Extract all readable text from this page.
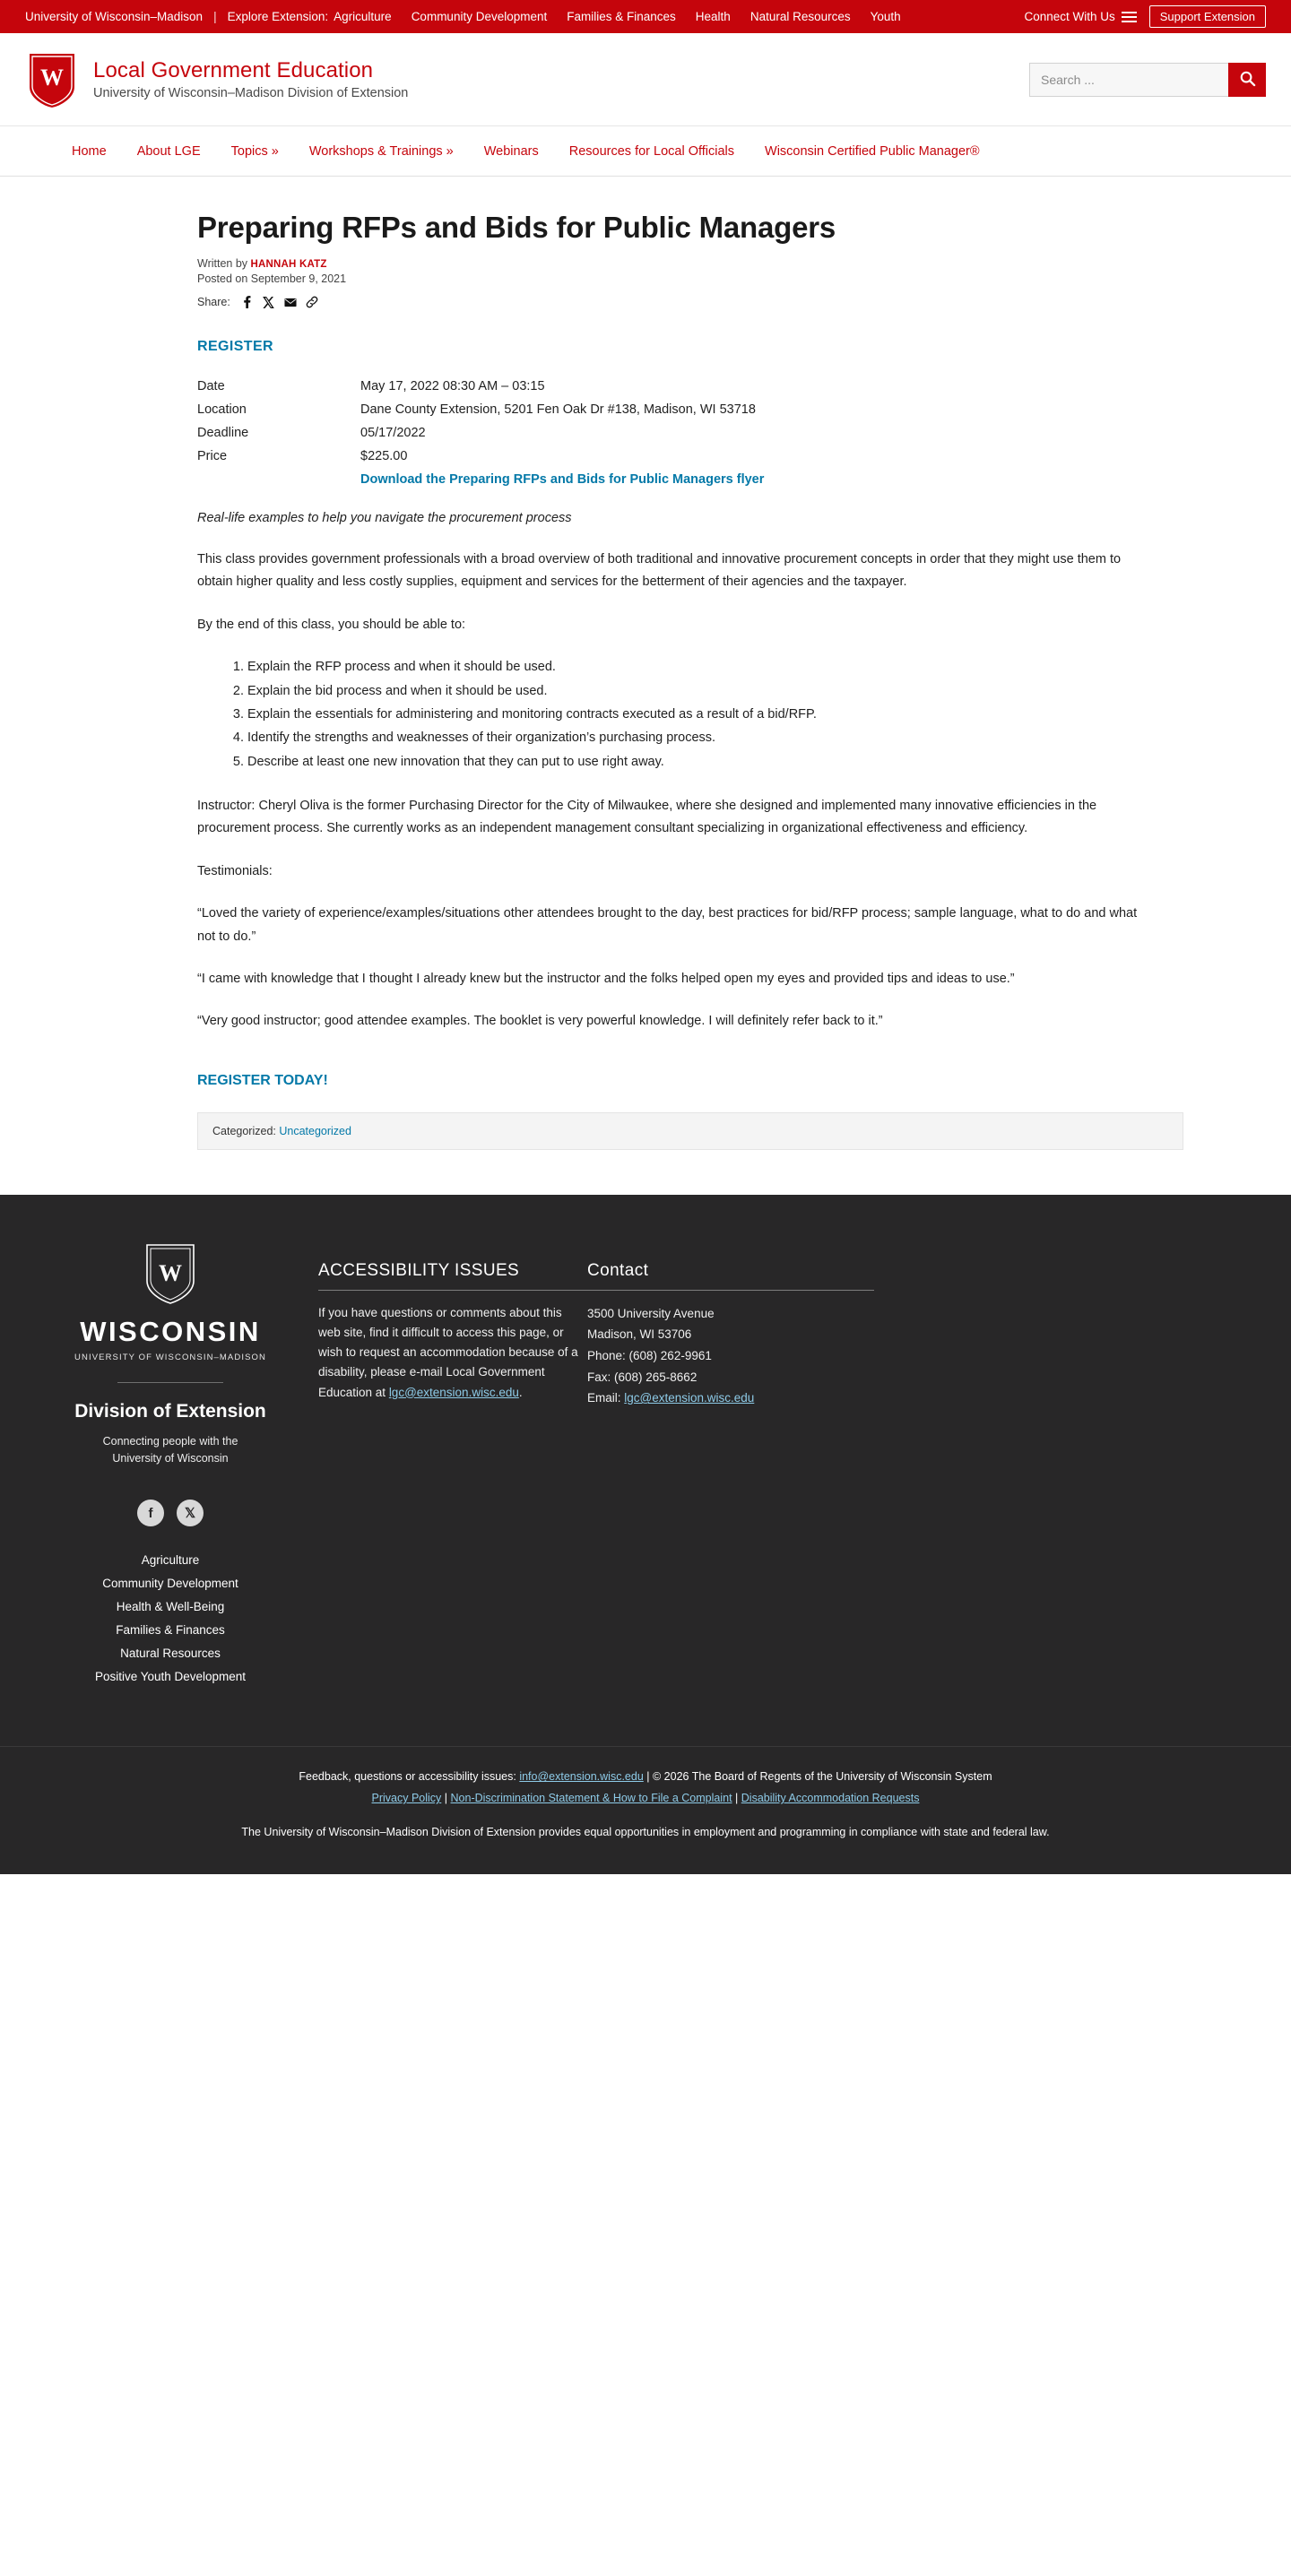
University of Wisconsin–Madison | Explore Extension: Agriculture Community Development Families & Finances Health Natural Resources Youth	Connect With Us	Support Extension
W Local Government Education
University of Wisconsin–Madison Division of Extension
Search ...
Home	About LGE	Topics »	Workshops & Trainings »	Webinars	Resources for Local Officials	Wisconsin Certified Public Manager®
Preparing RFPs and Bids for Public Managers
Written by HANNAH KATZ
Posted on September 9, 2021
Share:
REGISTER
Date	May 17, 2022 08:30 AM – 03:15
Location	Dane County Extension, 5201 Fen Oak Dr #138, Madison, WI 53718
Deadline	05/17/2022
Price	$225.00
	Download the Preparing RFPs and Bids for Public Managers flyer

Real-life examples to help you navigate the procurement process

This class provides government professionals with a broad overview of both traditional and innovative procurement concepts in order that they might use them to obtain higher quality and less costly supplies, equipment and services for the betterment of their agencies and the taxpayer.

By the end of this class, you should be able to:

1. Explain the RFP process and when it should be used.
2. Explain the bid process and when it should be used.
3. Explain the essentials for administering and monitoring contracts executed as a result of a bid/RFP.
4. Identify the strengths and weaknesses of their organization’s purchasing process.
5. Describe at least one new innovation that they can put to use right away.

Instructor: Cheryl Oliva is the former Purchasing Director for the City of Milwaukee, where she designed and implemented many innovative efficiencies in the procurement process. She currently works as an independent management consultant specializing in organizational effectiveness and efficiency.

Testimonials:

“Loved the variety of experience/examples/situations other attendees brought to the day, best practices for bid/RFP process; sample language, what to do and what not to do.”

“I came with knowledge that I thought I already knew but the instructor and the folks helped open my eyes and provided tips and ideas to use.”

“Very good instructor; good attendee examples. The booklet is very powerful knowledge. I will definitely refer back to it.”

REGISTER TODAY!
Categorized: Uncategorized
W
WISCONSIN
UNIVERSITY OF WISCONSIN–MADISON
Division of Extension
Connecting people with the
University of Wisconsin
f	𝕏
Agriculture
Community Development
Health & Well-Being
Families & Finances
Natural Resources
Positive Youth Development
ACCESSIBILITY ISSUES
If you have questions or comments about this web site, find it difficult to access this page, or wish to request an accommodation because of a disability, please e-mail Local Government Education at lgc@extension.wisc.edu.
Contact
3500 University Avenue
Madison, WI 53706
Phone: (608) 262-9961
Fax: (608) 265-8662
Email: lgc@extension.wisc.edu
Feedback, questions or accessibility issues: info@extension.wisc.edu | © 2026 The Board of Regents of the University of Wisconsin System
Privacy Policy | Non-Discrimination Statement & How to File a Complaint | Disability Accommodation Requests
The University of Wisconsin–Madison Division of Extension provides equal opportunities in employment and programming in compliance with state and federal law.
